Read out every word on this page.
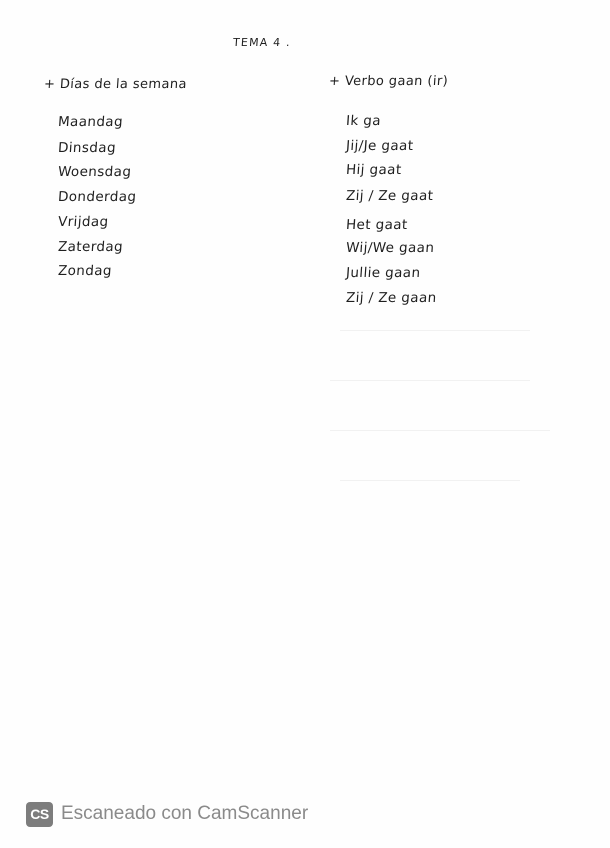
TEMA 4 .
+ Días de la semana	+ Verbo gaan (ir)
Maandag
Dinsdag
Woensdag
Donderdag
Vrijdag
Zaterdag
Zondag
Ik ga
Jij/Je gaat
Hij gaat
Zij / Ze gaat
Het gaat
Wij/We gaan
Jullie gaan
Zij / Ze gaan
CS Escaneado con CamScanner
